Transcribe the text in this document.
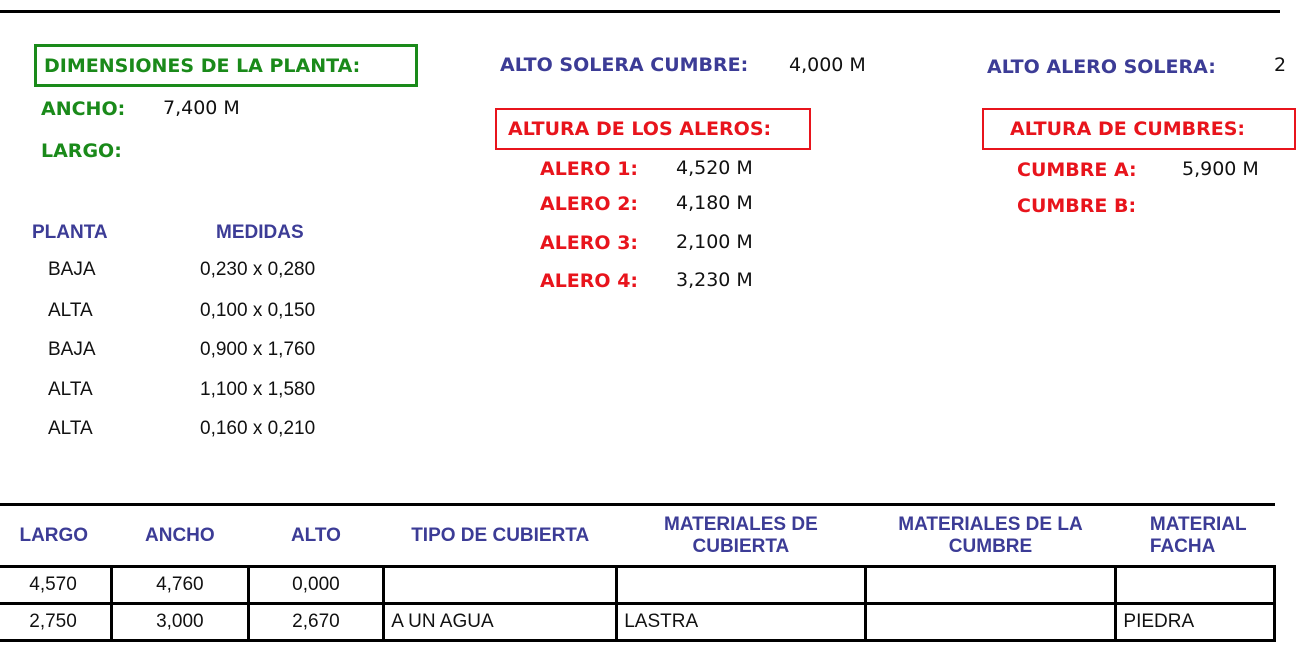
DIMENSIONES DE LA PLANTA:
ANCHO: 7,400 M
LARGO:
PLANTA	MEDIDAS
BAJA	0,230 x 0,280
ALTA	0,100 x 0,150
BAJA	0,900 x 1,760
ALTA	1,100 x 1,580
ALTA	0,160 x 0,210
ALTO SOLERA CUMBRE: 4,000 M
ALTURA DE LOS ALEROS:
ALERO 1: 4,520 M
ALERO 2: 4,180 M
ALERO 3: 2,100 M
ALERO 4: 3,230 M
ALTO ALERO SOLERA:	2
ALTURA DE CUMBRES:
CUMBRE A: 5,900 M
CUMBRE B:
LARGO	ANCHO	ALTO	TIPO DE CUBIERTA	MATERIALES DE CUBIERTA	MATERIALES DE LA CUMBRE	MATERIAL FACHA
4,570	4,760	0,000				
2,750	3,000	2,670	A UN AGUA	LASTRA		PIEDRA
